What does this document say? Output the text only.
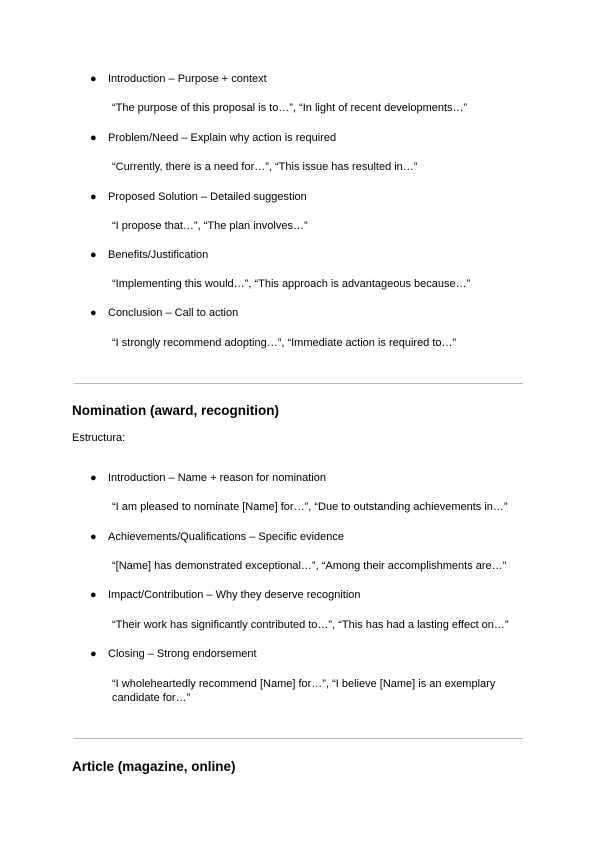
● Introduction – Purpose + context
“The purpose of this proposal is to…”, “In light of recent developments…”
● Problem/Need – Explain why action is required
“Currently, there is a need for…”, “This issue has resulted in…”
● Proposed Solution – Detailed suggestion
“I propose that…”, “The plan involves…”
● Benefits/Justification
“Implementing this would…”, “This approach is advantageous because…”
● Conclusion – Call to action
“I strongly recommend adopting…”, “Immediate action is required to…”
Nomination (award, recognition)
Estructura:
● Introduction – Name + reason for nomination
“I am pleased to nominate [Name] for…”, “Due to outstanding achievements in…”
● Achievements/Qualifications – Specific evidence
“[Name] has demonstrated exceptional…”, “Among their accomplishments are…”
● Impact/Contribution – Why they deserve recognition
“Their work has significantly contributed to…”, “This has had a lasting effect on…”
● Closing – Strong endorsement
“I wholeheartedly recommend [Name] for…”, “I believe [Name] is an exemplary candidate for…”
Article (magazine, online)
